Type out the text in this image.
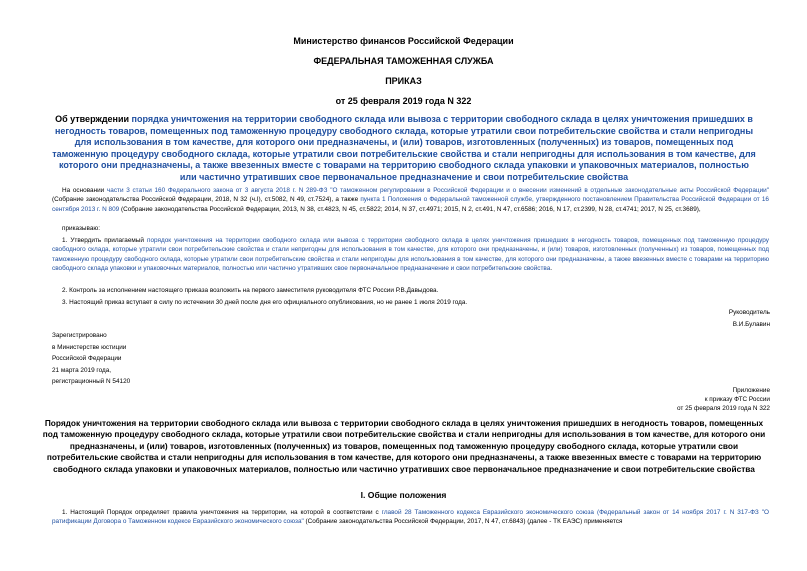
Министерство финансов Российской Федерации
ФЕДЕРАЛЬНАЯ ТАМОЖЕННАЯ СЛУЖБА
ПРИКАЗ
от 25 февраля 2019 года N 322
Об утверждении порядка уничтожения на территории свободного склада или вывоза с территории свободного склада в целях уничтожения пришедших в негодность товаров, помещенных под таможенную процедуру свободного склада, которые утратили свои потребительские свойства и стали непригодны для использования в том качестве, для которого они предназначены, и (или) товаров, изготовленных (полученных) из товаров, помещенных под таможенную процедуру свободного склада, которые утратили свои потребительские свойства и стали непригодны для использования в том качестве, для которого они предназначены, а также ввезенных вместе с товарами на территорию свободного склада упаковки и упаковочных материалов, полностью или частично утративших свое первоначальное предназначение и свои потребительские свойства
На основании части 3 статьи 160 Федерального закона от 3 августа 2018 г. N 289-ФЗ "О таможенном регулировании в Российской Федерации и о внесении изменений в отдельные законодательные акты Российской Федерации" (Собрание законодательства Российской Федерации, 2018, N 32 (ч.I), ст.5082, N 49, ст.7524), а также пункта 1 Положения о Федеральной таможенной службе, утвержденного постановлением Правительства Российской Федерации от 16 сентября 2013 г. N 809 (Собрание законодательства Российской Федерации, 2013, N 38, ст.4823, N 45, ст.5822; 2014, N 37, ст.4971; 2015, N 2, ст.491, N 47, ст.6586; 2016, N 17, ст.2399, N 28, ст.4741; 2017, N 25, ст.3689),
приказываю:
1. Утвердить прилагаемый порядок уничтожения на территории свободного склада или вывоза с территории свободного склада в целях уничтожения пришедших в негодность товаров, помещенных под таможенную процедуру свободного склада, которые утратили свои потребительские свойства и стали непригодны для использования в том качестве, для которого они предназначены, и (или) товаров, изготовленных (полученных) из товаров, помещенных под таможенную процедуру свободного склада, которые утратили свои потребительские свойства и стали непригодны для использования в том качестве, для которого они предназначены, а также ввезенных вместе с товарами на территорию свободного склада упаковки и упаковочных материалов, полностью или частично утративших свое первоначальное предназначение и свои потребительские свойства.
2. Контроль за исполнением настоящего приказа возложить на первого заместителя руководителя ФТС России Р.В.Давыдова.
3. Настоящий приказ вступает в силу по истечении 30 дней после дня его официального опубликования, но не ранее 1 июля 2019 года.
Руководитель
В.И.Булавин
Зарегистрировано
в Министерстве юстиции
Российской Федерации
21 марта 2019 года,
регистрационный N 54120
Приложение
к приказу ФТС России
от 25 февраля 2019 года N 322
Порядок уничтожения на территории свободного склада или вывоза с территории свободного склада в целях уничтожения пришедших в негодность товаров, помещенных под таможенную процедуру свободного склада, которые утратили свои потребительские свойства и стали непригодны для использования в том качестве, для которого они предназначены, и (или) товаров, изготовленных (полученных) из товаров, помещенных под таможенную процедуру свободного склада, которые утратили свои потребительские свойства и стали непригодны для использования в том качестве, для которого они предназначены, а также ввезенных вместе с товарами на территорию свободного склада упаковки и упаковочных материалов, полностью или частично утративших свое первоначальное предназначение и свои потребительские свойства
I. Общие положения
1. Настоящий Порядок определяет правила уничтожения на территории, на которой в соответствии с главой 28 Таможенного кодекса Евразийского экономического союза (Федеральный закон от 14 ноября 2017 г. N 317-ФЗ "О ратификации Договора о Таможенном кодексе Евразийского экономического союза" (Собрание законодательства Российской Федерации, 2017, N 47, ст.6843) (далее - ТК ЕАЭС) применяется
